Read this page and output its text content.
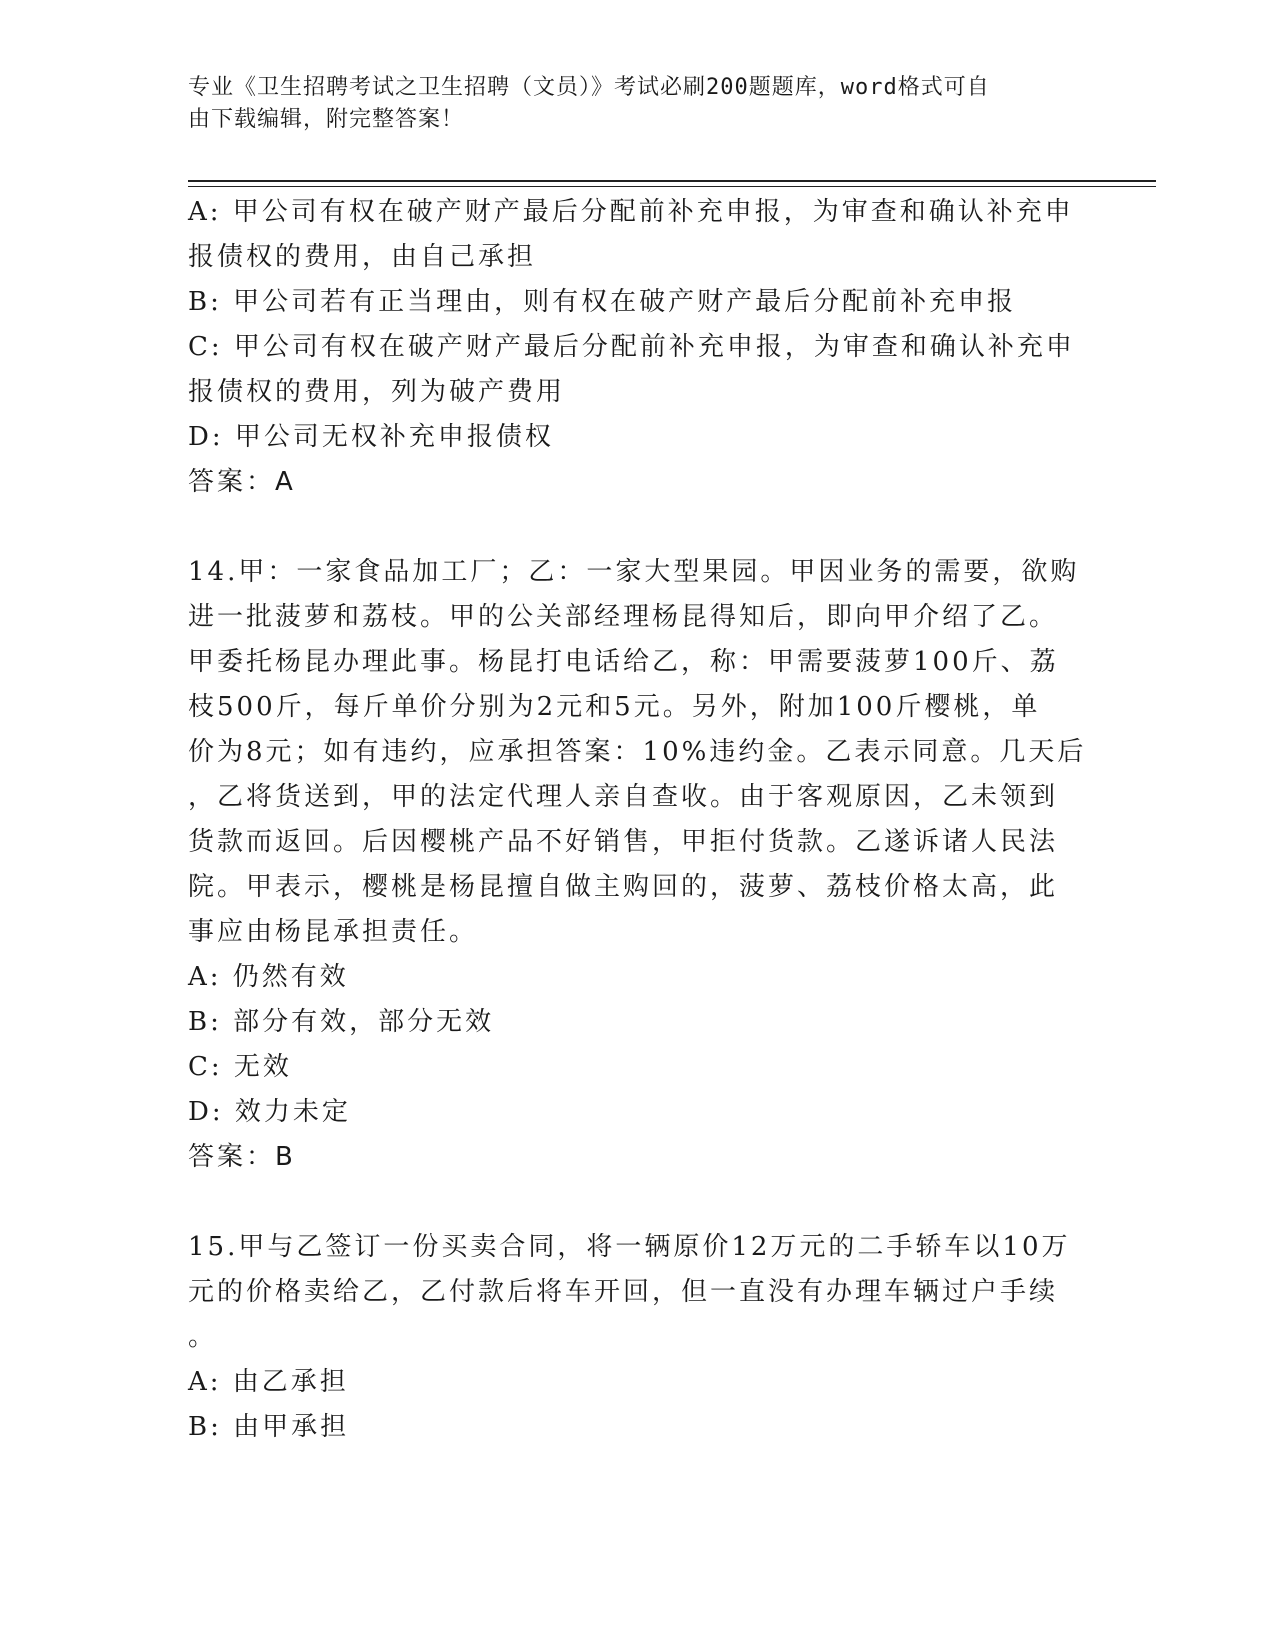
专业《卫生招聘考试之卫生招聘（文员）》考试必刷200题题库，word格式可自
由下载编辑，附完整答案！

A: 甲公司有权在破产财产最后分配前补充申报，为审查和确认补充申

报债权的费用，由自己承担

B: 甲公司若有正当理由，则有权在破产财产最后分配前补充申报

C: 甲公司有权在破产财产最后分配前补充申报，为审查和确认补充申

报债权的费用，列为破产费用

D: 甲公司无权补充申报债权

答案：A

14.甲：一家食品加工厂；乙：一家大型果园。甲因业务的需要，欲购

进一批菠萝和荔枝。甲的公关部经理杨昆得知后，即向甲介绍了乙。

甲委托杨昆办理此事。杨昆打电话给乙，称：甲需要菠萝100斤、荔

枝500斤，每斤单价分别为2元和5元。另外，附加100斤樱桃，单

价为8元；如有违约，应承担答案：10%违约金。乙表示同意。几天后

，乙将货送到，甲的法定代理人亲自查收。由于客观原因，乙未领到

货款而返回。后因樱桃产品不好销售，甲拒付货款。乙遂诉诸人民法

院。甲表示，樱桃是杨昆擅自做主购回的，菠萝、荔枝价格太高，此

事应由杨昆承担责任。

A: 仍然有效

B: 部分有效，部分无效

C: 无效

D: 效力未定

答案：B

15.甲与乙签订一份买卖合同，将一辆原价12万元的二手轿车以10万

元的价格卖给乙，乙付款后将车开回，但一直没有办理车辆过户手续

。

A: 由乙承担

B: 由甲承担
